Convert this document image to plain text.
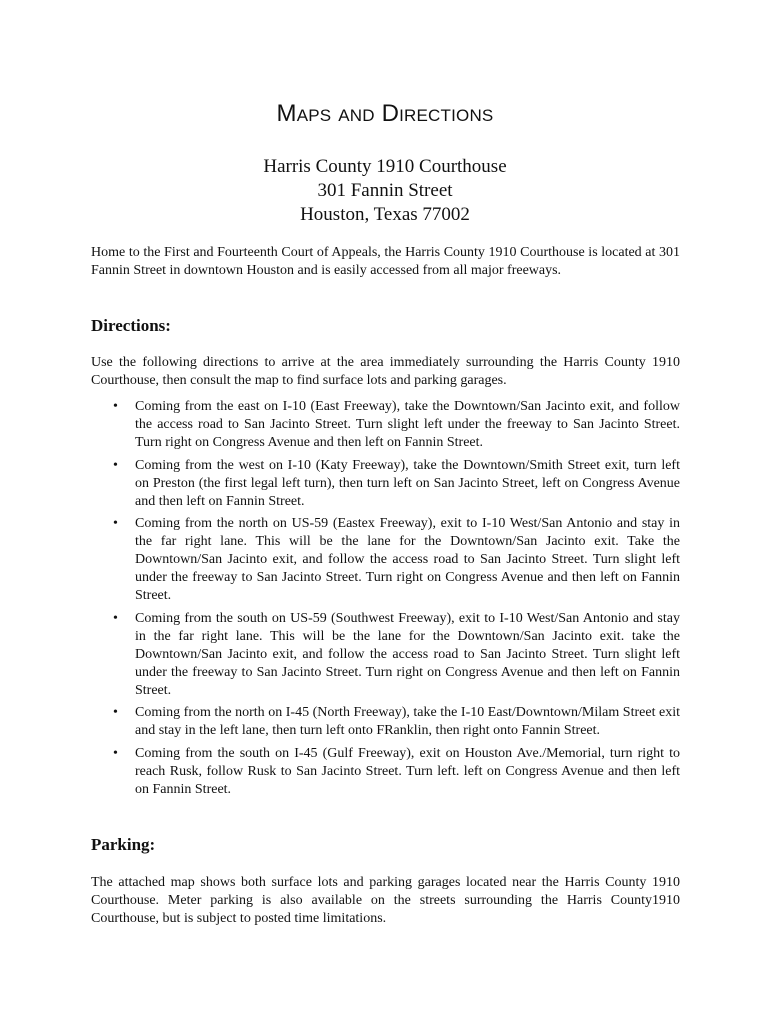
Maps and Directions
Harris County 1910 Courthouse
301 Fannin Street
Houston, Texas 77002

Home to the First and Fourteenth Court of Appeals, the Harris County 1910 Courthouse is located at 301 Fannin Street in downtown Houston and is easily accessed from all major freeways.

Directions:

Use the following directions to arrive at the area immediately surrounding the Harris County 1910 Courthouse, then consult the map to find surface lots and parking garages.

• Coming from the east on I-10 (East Freeway), take the Downtown/San Jacinto exit, and follow the access road to San Jacinto Street. Turn slight left under the freeway to San Jacinto Street. Turn right on Congress Avenue and then left on Fannin Street.
• Coming from the west on I-10 (Katy Freeway), take the Downtown/Smith Street exit, turn left on Preston (the first legal left turn), then turn left on San Jacinto Street, left on Congress Avenue and then left on Fannin Street.
• Coming from the north on US-59 (Eastex Freeway), exit to I-10 West/San Antonio and stay in the far right lane. This will be the lane for the Downtown/San Jacinto exit. Take the Downtown/San Jacinto exit, and follow the access road to San Jacinto Street. Turn slight left under the freeway to San Jacinto Street. Turn right on Congress Avenue and then left on Fannin Street.
• Coming from the south on US-59 (Southwest Freeway), exit to I-10 West/San Antonio and stay in the far right lane. This will be the lane for the Downtown/San Jacinto exit. take the Downtown/San Jacinto exit, and follow the access road to San Jacinto Street. Turn slight left under the freeway to San Jacinto Street. Turn right on Congress Avenue and then left on Fannin Street.
• Coming from the north on I-45 (North Freeway), take the I-10 East/Downtown/Milam Street exit and stay in the left lane, then turn left onto FRanklin, then right onto Fannin Street.
• Coming from the south on I-45 (Gulf Freeway), exit on Houston Ave./Memorial, turn right to reach Rusk, follow Rusk to San Jacinto Street. Turn left. left on Congress Avenue and then left on Fannin Street.
Parking:

The attached map shows both surface lots and parking garages located near the Harris County 1910 Courthouse. Meter parking is also available on the streets surrounding the Harris County1910 Courthouse, but is subject to posted time limitations.
